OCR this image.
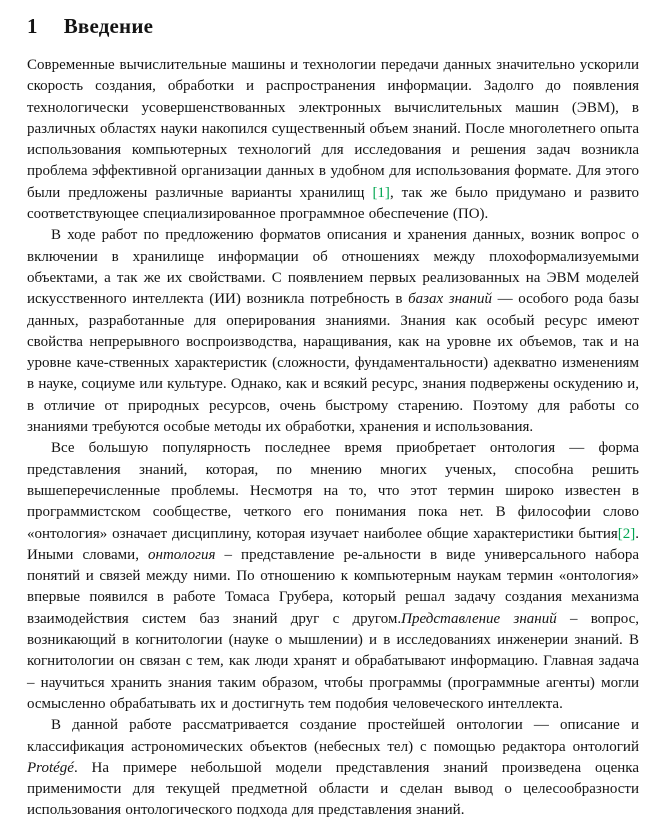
1 Введение

Современные вычислительные машины и технологии передачи данных значительно ускорили скорость создания, обработки и распространения информации. Задолго до появления технологически усовершенствованных электронных вычислительных машин (ЭВМ), в различных областях науки накопился существенный объем знаний. После многолетнего опыта использования компьютерных технологий для исследования и решения задач возникла проблема эффективной организации данных в удобном для использования формате. Для этого были предложены различные варианты хранилищ [1], так же было придумано и развито соответствующее специализированное программное обеспечение (ПО).

В ходе работ по предложению форматов описания и хранения данных, возник вопрос о включении в хранилище информации об отношениях между плохоформализуемыми объектами, а так же их свойствами. С появлением первых реализованных на ЭВМ моделей искусственного интеллекта (ИИ) возникла потребность в базах знаний — особого рода базы данных, разработанные для оперирования знаниями. Знания как особый ресурс имеют свойства непрерывного воспроизводства, наращивания, как на уровне их объемов, так и на уровне каче-ственных характеристик (сложности, фундаментальности) адекватно изменениям в науке, социуме или культуре. Однако, как и всякий ресурс, знания подвержены оскудению и, в отличие от природных ресурсов, очень быстрому старению. Поэтому для работы со знаниями требуются особые методы их обработки, хранения и использования.

Все большую популярность последнее время приобретает онтология — форма представления знаний, которая, по мнению многих ученых, способна решить вышеперечисленные проблемы. Несмотря на то, что этот термин широко известен в программистском сообществе, четкого его понимания пока нет. В философии слово «онтология» означает дисциплину, которая изучает наиболее общие характеристики бытия[2]. Иными словами, онтология – представление ре-альности в виде универсального набора понятий и связей между ними. По отношению к компьютерным наукам термин «онтология» впервые появился в работе Томаса Грубера, который решал задачу создания механизма взаимодействия систем баз знаний друг с другом.Представление знаний – вопрос, возникающий в когнитологии (науке о мышлении) и в исследованиях инженерии знаний. В когнитологии он связан с тем, как люди хранят и обрабатывают информацию. Главная задача – научиться хранить знания таким образом, чтобы программы (программные агенты) могли осмысленно обрабатывать их и достигнуть тем подобия человеческого интеллекта.

В данной работе рассматривается создание простейшей онтологии — описание и классификация астрономических объектов (небесных тел) с помощью редактора онтологий Protégé. На примере небольшой модели представления знаний произведена оценка применимости для текущей предметной области и сделан вывод о целесообразности использования онтологического подхода для представления знаний.
